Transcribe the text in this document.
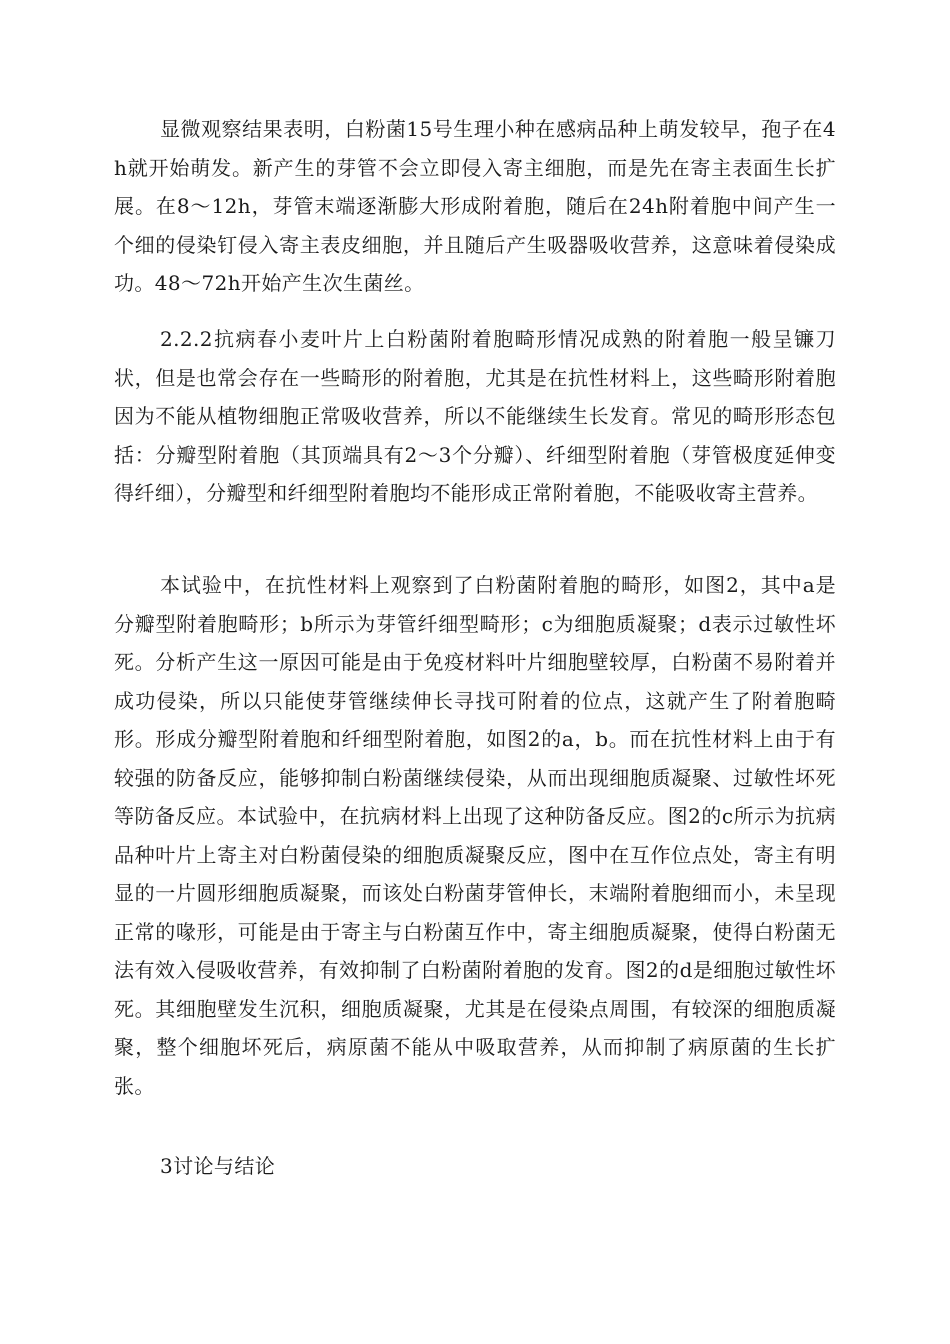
显微观察结果表明，白粉菌15号生理小种在感病品种上萌发较早，孢子在4h就开始萌发。新产生的芽管不会立即侵入寄主细胞，而是先在寄主表面生长扩展。在8～12h，芽管末端逐渐膨大形成附着胞，随后在24h附着胞中间产生一个细的侵染钉侵入寄主表皮细胞，并且随后产生吸器吸收营养，这意味着侵染成功。48～72h开始产生次生菌丝。

2.2.2抗病春小麦叶片上白粉菌附着胞畸形情况成熟的附着胞一般呈镰刀状，但是也常会存在一些畸形的附着胞，尤其是在抗性材料上，这些畸形附着胞因为不能从植物细胞正常吸收营养，所以不能继续生长发育。常见的畸形形态包括：分瓣型附着胞（其顶端具有2～3个分瓣）、纤细型附着胞（芽管极度延伸变得纤细），分瓣型和纤细型附着胞均不能形成正常附着胞，不能吸收寄主营养。

本试验中，在抗性材料上观察到了白粉菌附着胞的畸形，如图2，其中a是分瓣型附着胞畸形；b所示为芽管纤细型畸形；c为细胞质凝聚；d表示过敏性坏死。分析产生这一原因可能是由于免疫材料叶片细胞壁较厚，白粉菌不易附着并成功侵染，所以只能使芽管继续伸长寻找可附着的位点，这就产生了附着胞畸形。形成分瓣型附着胞和纤细型附着胞，如图2的a，b。而在抗性材料上由于有较强的防备反应，能够抑制白粉菌继续侵染，从而出现细胞质凝聚、过敏性坏死等防备反应。本试验中，在抗病材料上出现了这种防备反应。图2的c所示为抗病品种叶片上寄主对白粉菌侵染的细胞质凝聚反应，图中在互作位点处，寄主有明显的一片圆形细胞质凝聚，而该处白粉菌芽管伸长，末端附着胞细而小，未呈现正常的喙形，可能是由于寄主与白粉菌互作中，寄主细胞质凝聚，使得白粉菌无法有效入侵吸收营养，有效抑制了白粉菌附着胞的发育。图2的d是细胞过敏性坏死。其细胞壁发生沉积，细胞质凝聚，尤其是在侵染点周围，有较深的细胞质凝聚，整个细胞坏死后，病原菌不能从中吸取营养，从而抑制了病原菌的生长扩张。

3讨论与结论
